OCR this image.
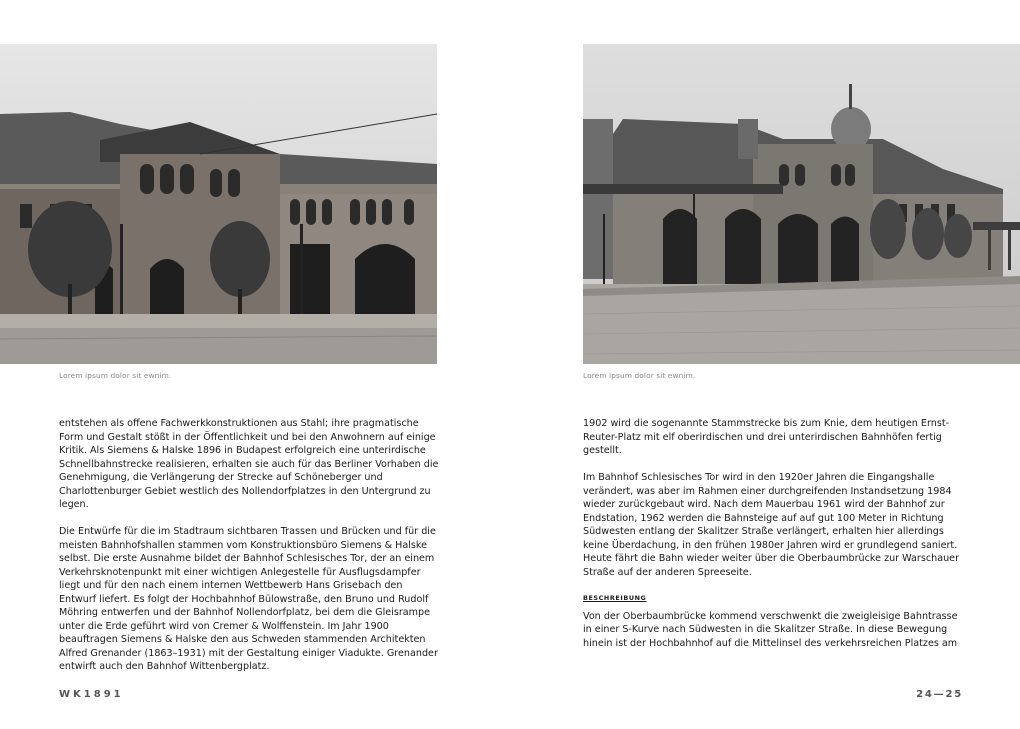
Lorem ipsum dolor sit ewnim.

entstehen als offene Fachwerkkonstruktionen aus Stahl; ihre pragmatische Form und Gestalt stößt in der Öffentlichkeit und bei den Anwohnern auf einige Kritik. Als Siemens & Halske 1896 in Budapest erfolgreich eine unterirdische Schnellbahnstrecke realisieren, erhalten sie auch für das Berliner Vorhaben die Genehmigung, die Verlängerung der Strecke auf Schöneberger und Charlottenburger Gebiet westlich des Nollendorfplatzes in den Untergrund zu legen.

Die Entwürfe für die im Stadtraum sichtbaren Trassen und Brücken und für die meisten Bahnhofshallen stammen vom Konstruktionsbüro Siemens & Halske selbst. Die erste Ausnahme bildet der Bahnhof Schlesisches Tor, der an einem Verkehrsknotenpunkt mit einer wichtigen Anlegestelle für Ausflugsdampfer liegt und für den nach einem internen Wettbewerb Hans Grisebach den Entwurf liefert. Es folgt der Hochbahnhof Bülowstraße, den Bruno und Rudolf Möhring entwerfen und der Bahnhof Nollendorfplatz, bei dem die Gleisrampe unter die Erde geführt wird von Cremer & Wolffenstein. Im Jahr 1900 beauftragen Siemens & Halske den aus Schweden stammenden Architekten Alfred Grenander (1863–1931) mit der Gestaltung einiger Viadukte. Grenander entwirft auch den Bahnhof Wittenbergplatz.

WK1891
Lorem ipsum dolor sit ewnim.

1902 wird die sogenannte Stammstrecke bis zum Knie, dem heutigen Ernst-Reuter-Platz mit elf oberirdischen und drei unterirdischen Bahnhöfen fertig gestellt.

Im Bahnhof Schlesisches Tor wird in den 1920er Jahren die Eingangshalle verändert, was aber im Rahmen einer durchgreifenden Instandsetzung 1984 wieder zurückgebaut wird. Nach dem Mauerbau 1961 wird der Bahnhof zur Endstation, 1962 werden die Bahnsteige auf auf gut 100 Meter in Richtung Südwesten entlang der Skalitzer Straße verlängert, erhalten hier allerdings keine Überdachung, in den frühen 1980er Jahren wird er grundlegend saniert. Heute fährt die Bahn wieder weiter über die Oberbaumbrücke zur Warschauer Straße auf der anderen Spreeseite.

BESCHREIBUNG

Von der Oberbaumbrücke kommend verschwenkt die zweigleisige Bahntrasse in einer S-Kurve nach Südwesten in die Skalitzer Straße. In diese Bewegung hinein ist der Hochbahnhof auf die Mittelinsel des verkehrsreichen Platzes am

24—25
